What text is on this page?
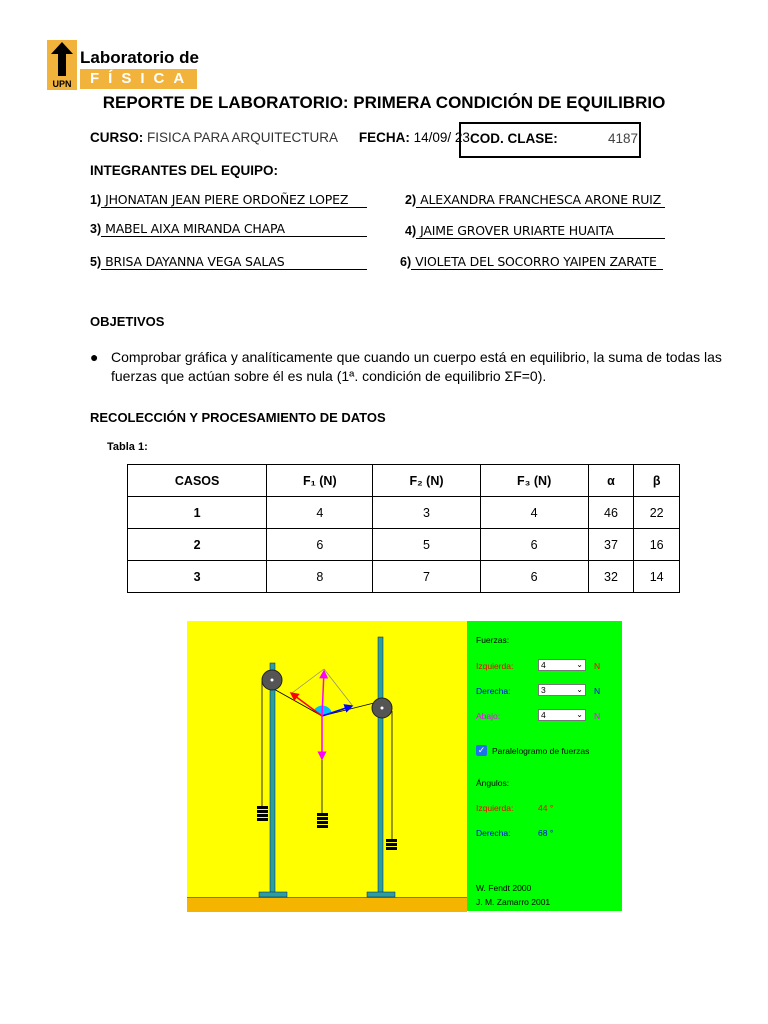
UPN
Laboratorio de
FÍSICA
REPORTE DE LABORATORIO: PRIMERA CONDICIÓN DE EQUILIBRIO
CURSO: FISICA PARA ARQUITECTURA FECHA: 14/09/ 23 COD. CLASE:	4187
INTEGRANTES DEL EQUIPO:
1) JHONATAN JEAN PIERE ORDOÑEZ LOPEZ	2) ALEXANDRA FRANCHESCA ARONE RUIZ
3) MABEL AIXA MIRANDA CHAPA	4) JAIME GROVER URIARTE HUAITA
5) BRISA DAYANNA VEGA SALAS	6) VIOLETA DEL SOCORRO YAIPEN ZARATE
OBJETIVOS
● Comprobar gráfica y analíticamente que cuando un cuerpo está en equilibrio, la suma de todas las fuerzas que actúan sobre él es nula (1ª. condición de equilibrio ΣF=0).
RECOLECCIÓN Y PROCESAMIENTO DE DATOS
Tabla 1:
CASOS	F₁ (N)	F₂ (N)	F₃ (N)	α	β
1	4	3	4	46	22
2	6	5	6	37	16
3	8	7	6	32	14
Fuerzas:
Izquierda:	4	⌄ N
Derecha:	3	⌄ N
Abajo:	4	⌄ N
✓ Paralelogramo de fuerzas
Ángulos:
Izquierda:	44 °
Derecha:	68 °
W. Fendt 2000
J. M. Zamarro 2001
